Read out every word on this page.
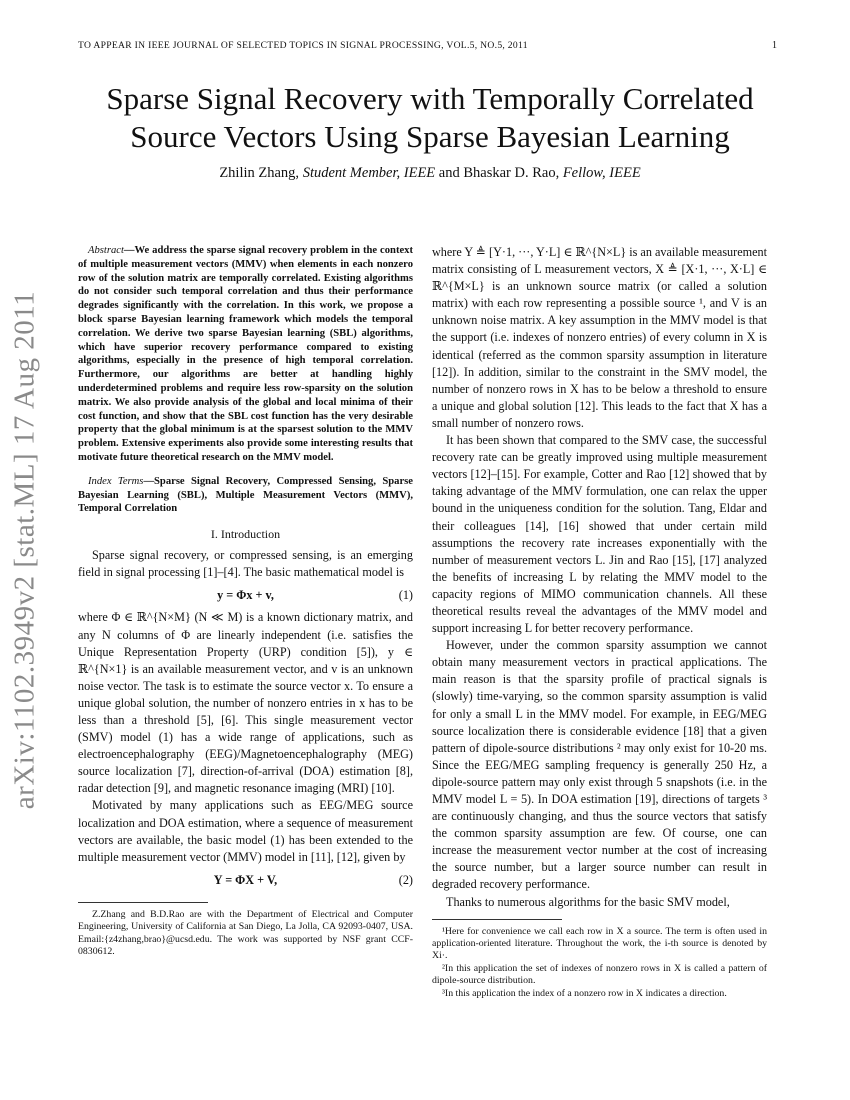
TO APPEAR IN IEEE JOURNAL OF SELECTED TOPICS IN SIGNAL PROCESSING, VOL.5, NO.5, 2011	1
arXiv:1102.3949v2 [stat.ML] 17 Aug 2011
Sparse Signal Recovery with Temporally Correlated
Source Vectors Using Sparse Bayesian Learning
Zhilin Zhang, Student Member, IEEE and Bhaskar D. Rao, Fellow, IEEE

Abstract—We address the sparse signal recovery problem in the context of multiple measurement vectors (MMV) when elements in each nonzero row of the solution matrix are temporally correlated. Existing algorithms do not consider such temporal correlation and thus their performance degrades significantly with the correlation. In this work, we propose a block sparse Bayesian learning framework which models the temporal correlation. We derive two sparse Bayesian learning (SBL) algorithms, which have superior recovery performance compared to existing algorithms, especially in the presence of high temporal correlation. Furthermore, our algorithms are better at handling highly underdetermined problems and require less row-sparsity on the solution matrix. We also provide analysis of the global and local minima of their cost function, and show that the SBL cost function has the very desirable property that the global minimum is at the sparsest solution to the MMV problem. Extensive experiments also provide some interesting results that motivate future theoretical research on the MMV model.

Index Terms—Sparse Signal Recovery, Compressed Sensing, Sparse Bayesian Learning (SBL), Multiple Measurement Vectors (MMV), Temporal Correlation

I. Introduction

Sparse signal recovery, or compressed sensing, is an emerging field in signal processing [1]–[4]. The basic mathematical model is

y = Φx + v,	(1)

where Φ ∈ ℝ^{N×M} (N ≪ M) is a known dictionary matrix, and any N columns of Φ are linearly independent (i.e. satisfies the Unique Representation Property (URP) condition [5]), y ∈ ℝ^{N×1} is an available measurement vector, and v is an unknown noise vector. The task is to estimate the source vector x. To ensure a unique global solution, the number of nonzero entries in x has to be less than a threshold [5], [6]. This single measurement vector (SMV) model (1) has a wide range of applications, such as electroencephalography (EEG)/Magnetoencephalography (MEG) source localization [7], direction-of-arrival (DOA) estimation [8], radar detection [9], and magnetic resonance imaging (MRI) [10].

Motivated by many applications such as EEG/MEG source localization and DOA estimation, where a sequence of measurement vectors are available, the basic model (1) has been extended to the multiple measurement vector (MMV) model in [11], [12], given by

Y = ΦX + V,	(2)

Z.Zhang and B.D.Rao are with the Department of Electrical and Computer Engineering, University of California at San Diego, La Jolla, CA 92093-0407, USA. Email:{z4zhang,brao}@ucsd.edu. The work was supported by NSF grant CCF-0830612.

where Y ≜ [Y·1, ···, Y·L] ∈ ℝ^{N×L} is an available measurement matrix consisting of L measurement vectors, X ≜ [X·1, ···, X·L] ∈ ℝ^{M×L} is an unknown source matrix (or called a solution matrix) with each row representing a possible source ¹, and V is an unknown noise matrix. A key assumption in the MMV model is that the support (i.e. indexes of nonzero entries) of every column in X is identical (referred as the common sparsity assumption in literature [12]). In addition, similar to the constraint in the SMV model, the number of nonzero rows in X has to be below a threshold to ensure a unique and global solution [12]. This leads to the fact that X has a small number of nonzero rows.

It has been shown that compared to the SMV case, the successful recovery rate can be greatly improved using multiple measurement vectors [12]–[15]. For example, Cotter and Rao [12] showed that by taking advantage of the MMV formulation, one can relax the upper bound in the uniqueness condition for the solution. Tang, Eldar and their colleagues [14], [16] showed that under certain mild assumptions the recovery rate increases exponentially with the number of measurement vectors L. Jin and Rao [15], [17] analyzed the benefits of increasing L by relating the MMV model to the capacity regions of MIMO communication channels. All these theoretical results reveal the advantages of the MMV model and support increasing L for better recovery performance.

However, under the common sparsity assumption we cannot obtain many measurement vectors in practical applications. The main reason is that the sparsity profile of practical signals is (slowly) time-varying, so the common sparsity assumption is valid for only a small L in the MMV model. For example, in EEG/MEG source localization there is considerable evidence [18] that a given pattern of dipole-source distributions ² may only exist for 10-20 ms. Since the EEG/MEG sampling frequency is generally 250 Hz, a dipole-source pattern may only exist through 5 snapshots (i.e. in the MMV model L = 5). In DOA estimation [19], directions of targets ³ are continuously changing, and thus the source vectors that satisfy the common sparsity assumption are few. Of course, one can increase the measurement vector number at the cost of increasing the source number, but a larger source number can result in degraded recovery performance.

Thanks to numerous algorithms for the basic SMV model,

¹Here for convenience we call each row in X a source. The term is often used in application-oriented literature. Throughout the work, the i-th source is denoted by Xi·.

²In this application the set of indexes of nonzero rows in X is called a pattern of dipole-source distribution.

³In this application the index of a nonzero row in X indicates a direction.
